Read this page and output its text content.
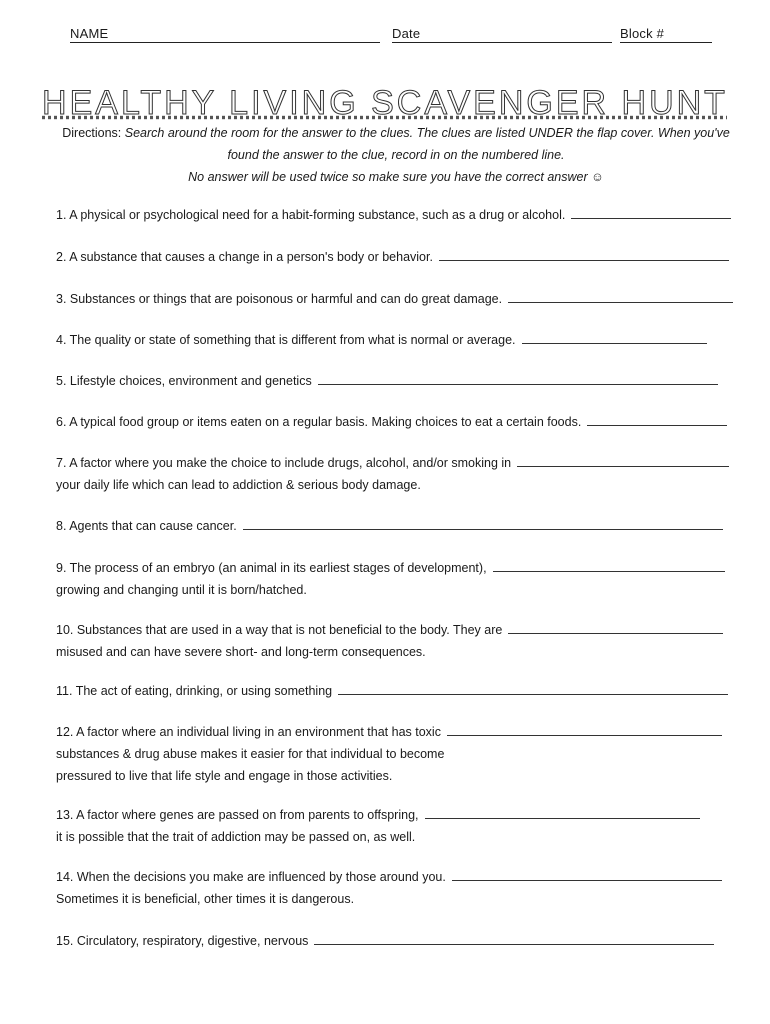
NAME	Date	Block #
HEALTHY LIVING SCAVENGER HUNT
Directions: Search around the room for the answer to the clues. The clues are listed UNDER the flap cover. When you've found the answer to the clue, record in on the numbered line.
No answer will be used twice so make sure you have the correct answer ☺
1. A physical or psychological need for a habit-forming substance, such as a drug or alcohol.
2. A substance that causes a change in a person's body or behavior.
3. Substances or things that are poisonous or harmful and can do great damage.
4. The quality or state of something that is different from what is normal or average.
5. Lifestyle choices, environment and genetics
6. A typical food group or items eaten on a regular basis. Making choices to eat a certain foods.
7. A factor where you make the choice to include drugs, alcohol, and/or smoking in
your daily life which can lead to addiction & serious body damage.
8. Agents that can cause cancer.
9. The process of an embryo (an animal in its earliest stages of development),
growing and changing until it is born/hatched.
10. Substances that are used in a way that is not beneficial to the body. They are
misused and can have severe short- and long-term consequences.
11. The act of eating, drinking, or using something
12. A factor where an individual living in an environment that has toxic
substances & drug abuse makes it easier for that individual to become
pressured to live that life style and engage in those activities.
13. A factor where genes are passed on from parents to offspring,
it is possible that the trait of addiction may be passed on, as well.
14. When the decisions you make are influenced by those around you.
Sometimes it is beneficial, other times it is dangerous.
15. Circulatory, respiratory, digestive, nervous
